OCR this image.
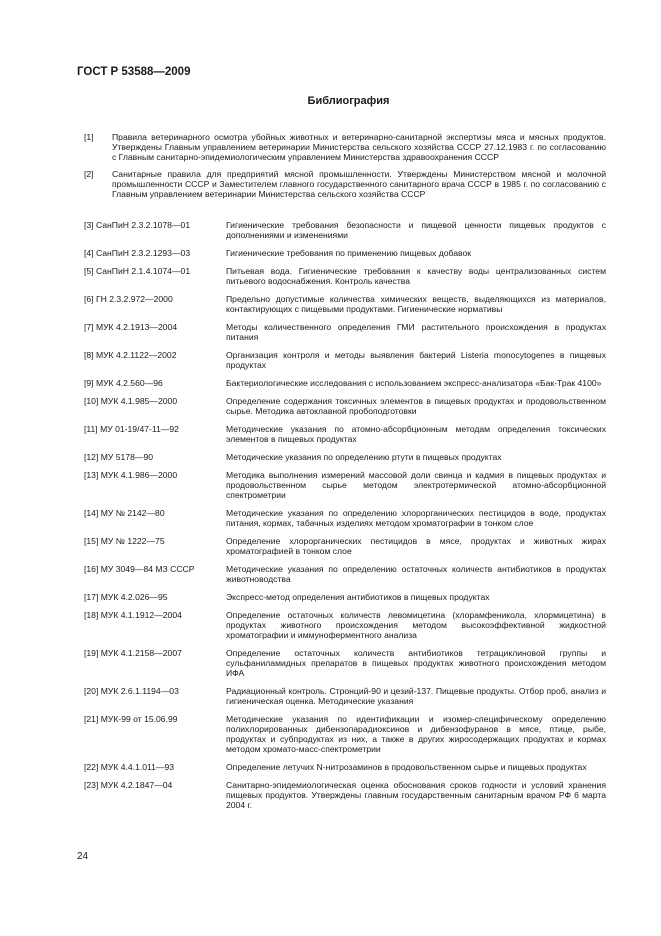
ГОСТ Р 53588—2009
Библиография
[1]	Правила ветеринарного осмотра убойных животных и ветеринарно-санитарной экспертизы мяса и мясных продуктов. Утверждены Главным управлением ветеринарии Министерства сельского хозяйства СССР 27.12.1983 г. по согласованию с Главным санитарно-эпидемиологическим управлением Министерства здравоохранения СССР
[2]	Санитарные правила для предприятий мясной промышленности. Утверждены Министерством мясной и молочной промышленности СССР и Заместителем главного государственного санитарного врача СССР в 1985 г. по согласованию с Главным управлением ветеринарии Министерства сельского хозяйства СССР
[3] СанПиН 2.3.2.1078—01	Гигиенические требования безопасности и пищевой ценности пищевых продуктов с дополнениями и изменениями
[4] СанПиН 2.3.2.1293—03	Гигиенические требования по применению пищевых добавок
[5] СанПиН 2.1.4.1074—01	Питьевая вода. Гигиенические требования к качеству воды централизованных систем питьевого водоснабжения. Контроль качества
[6] ГН 2.3.2.972—2000	Предельно допустимые количества химических веществ, выделяющихся из материалов, контактирующих с пищевыми продуктами. Гигиенические нормативы
[7] МУК 4.2.1913—2004	Методы количественного определения ГМИ растительного происхождения в продуктах питания
[8] МУК 4.2.1122—2002	Организация контроля и методы выявления бактерий Listeria monocytogenes в пищевых продуктах
[9] МУК 4.2.560—96	Бактериологические исследования с использованием экспресс-анализатора «Бак-Трак 4100»
[10] МУК 4.1.985—2000	Определение содержания токсичных элементов в пищевых продуктах и продовольственном сырье. Методика автоклавной пробоподготовки
[11] МУ 01-19/47-11—92	Методические указания по атомно-абсорбционным методам определения токсических элементов в пищевых продуктах
[12] МУ 5178—90	Методические указания по определению ртути в пищевых продуктах
[13] МУК 4.1.986—2000	Методика выполнения измерений массовой доли свинца и кадмия в пищевых продуктах и продовольственном сырье методом электротермической атомно-абсорбционной спектрометрии
[14] МУ № 2142—80	Методические указания по определению хлорорганических пестицидов в воде, продуктах питания, кормах, табачных изделиях методом хроматографии в тонком слое
[15] МУ № 1222—75	Определение хлорорганических пестицидов в мясе, продуктах и животных жирах хроматографией в тонком слое
[16] МУ 3049—84 МЗ СССР	Методические указания по определению остаточных количеств антибиотиков в продуктах животноводства
[17] МУК 4.2.026—95	Экспресс-метод определения антибиотиков в пищевых продуктах
[18] МУК 4.1.1912—2004	Определение остаточных количеств левомицетина (хлорамфеникола, хлормицетина) в продуктах животного происхождения методом высокоэффективной жидкостной хроматографии и иммуноферментного анализа
[19] МУК 4.1.2158—2007	Определение остаточных количеств антибиотиков тетрациклиновой группы и сульфаниламидных препаратов в пищевых продуктах животного происхождения методом ИФА
[20] МУК 2.6.1.1194—03	Радиационный контроль. Стронций-90 и цезий-137. Пищевые продукты. Отбор проб, анализ и гигиеническая оценка. Методические указания
[21] МУК-99 от 15.06.99	Методические указания по идентификации и изомер-специфическому определению полихлорированных дибензопарадиоксинов и дибензофуранов в мясе, птице, рыбе, продуктах и субпродуктах из них, а также в других жиросодержащих продуктах и кормах методом хромато-масс-спектрометрии
[22] МУК 4.4.1.011—93	Определение летучих N-нитрозаминов в продовольственном сырье и пищевых продуктах
[23] МУК 4.2.1847—04	Санитарно-эпидемиологическая оценка обоснования сроков годности и условий хранения пищевых продуктов. Утверждены главным государственным санитарным врачом РФ 6 марта 2004 г.
24
